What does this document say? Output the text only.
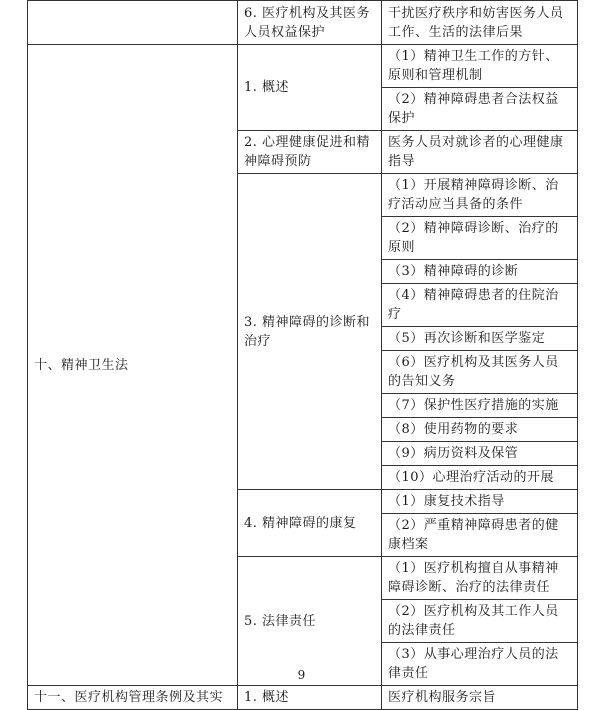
	6. 医疗机构及其医务人员权益保护	干扰医疗秩序和妨害医务人员工作、生活的法律后果
十、精神卫生法	1. 概述	（1）精神卫生工作的方针、原则和管理机制
		（2）精神障碍患者合法权益保护
	2. 心理健康促进和精神障碍预防	医务人员对就诊者的心理健康指导
	3. 精神障碍的诊断和治疗	（1）开展精神障碍诊断、治疗活动应当具备的条件
		（2）精神障碍诊断、治疗的原则
		（3）精神障碍的诊断
		（4）精神障碍患者的住院治疗
		（5）再次诊断和医学鉴定
		（6）医疗机构及其医务人员的告知义务
		（7）保护性医疗措施的实施
		（8）使用药物的要求
		（9）病历资料及保管
		（10）心理治疗活动的开展
	4. 精神障碍的康复	（1）康复技术指导
		（2）严重精神障碍患者的健康档案
	5. 法律责任	（1）医疗机构擅自从事精神障碍诊断、治疗的法律责任
		（2）医疗机构及其工作人员的法律责任
		（3）从事心理治疗人员的法律责任
十一、医疗机构管理条例及其实	1. 概述	医疗机构服务宗旨
9
